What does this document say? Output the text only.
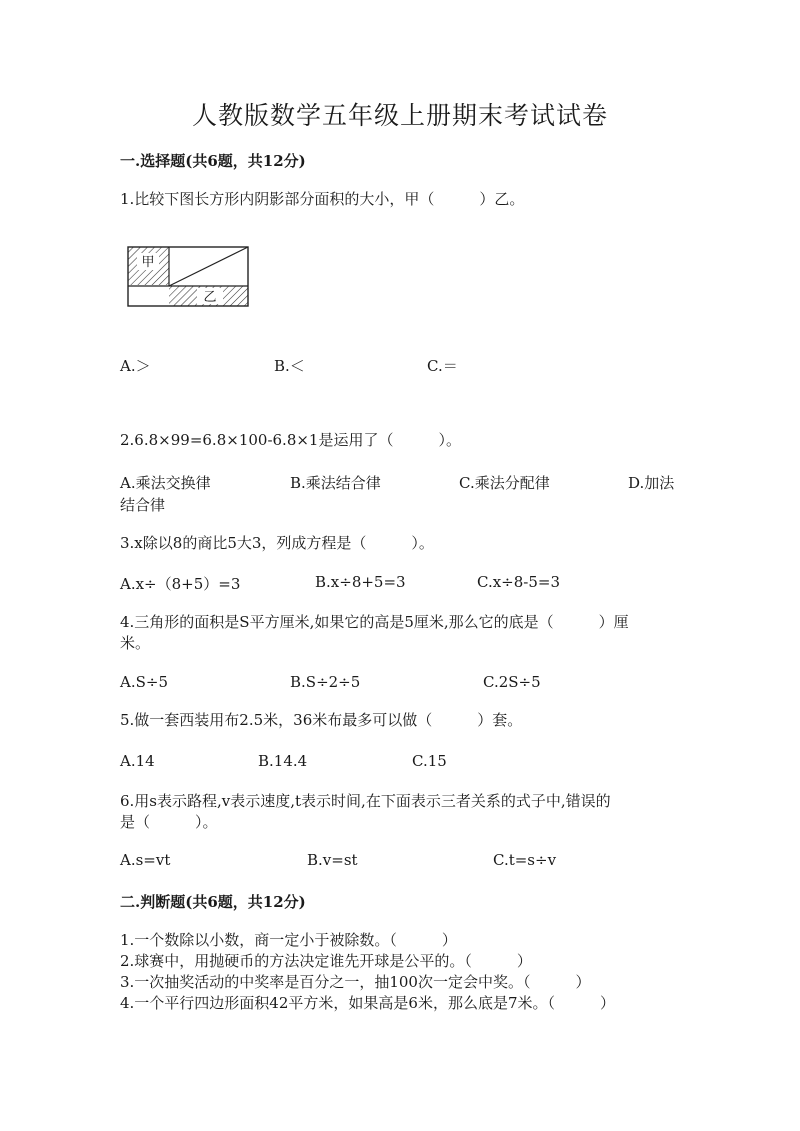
人教版数学五年级上册期末考试试卷
一.选择题(共6题，共12分)
1.比较下图长方形内阴影部分面积的大小，甲（　　　）乙。
甲
乙
A.＞	B.＜	C.＝
2.6.8×99=6.8×100-6.8×1是运用了（　　　）。
A.乘法交换律	B.乘法结合律	C.乘法分配律	D.加法
结合律
3.x除以8的商比5大3，列成方程是（　　　）。
A.x÷（8+5）=3	B.x÷8+5=3	C.x÷8-5=3
4.三角形的面积是S平方厘米,如果它的高是5厘米,那么它的底是（　　　）厘
米。
A.S÷5	B.S÷2÷5	C.2S÷5
5.做一套西装用布2.5米，36米布最多可以做（　　　）套。
A.14	B.14.4	C.15
6.用s表示路程,v表示速度,t表示时间,在下面表示三者关系的式子中,错误的
是（　　　）。
A.s=vt	B.v=st	C.t=s÷v
二.判断题(共6题，共12分)
1.一个数除以小数，商一定小于被除数。（　　　）
2.球赛中，用抛硬币的方法决定谁先开球是公平的。（　　　）
3.一次抽奖活动的中奖率是百分之一，抽100次一定会中奖。（　　　）
4.一个平行四边形面积42平方米，如果高是6米，那么底是7米。（　　　）
